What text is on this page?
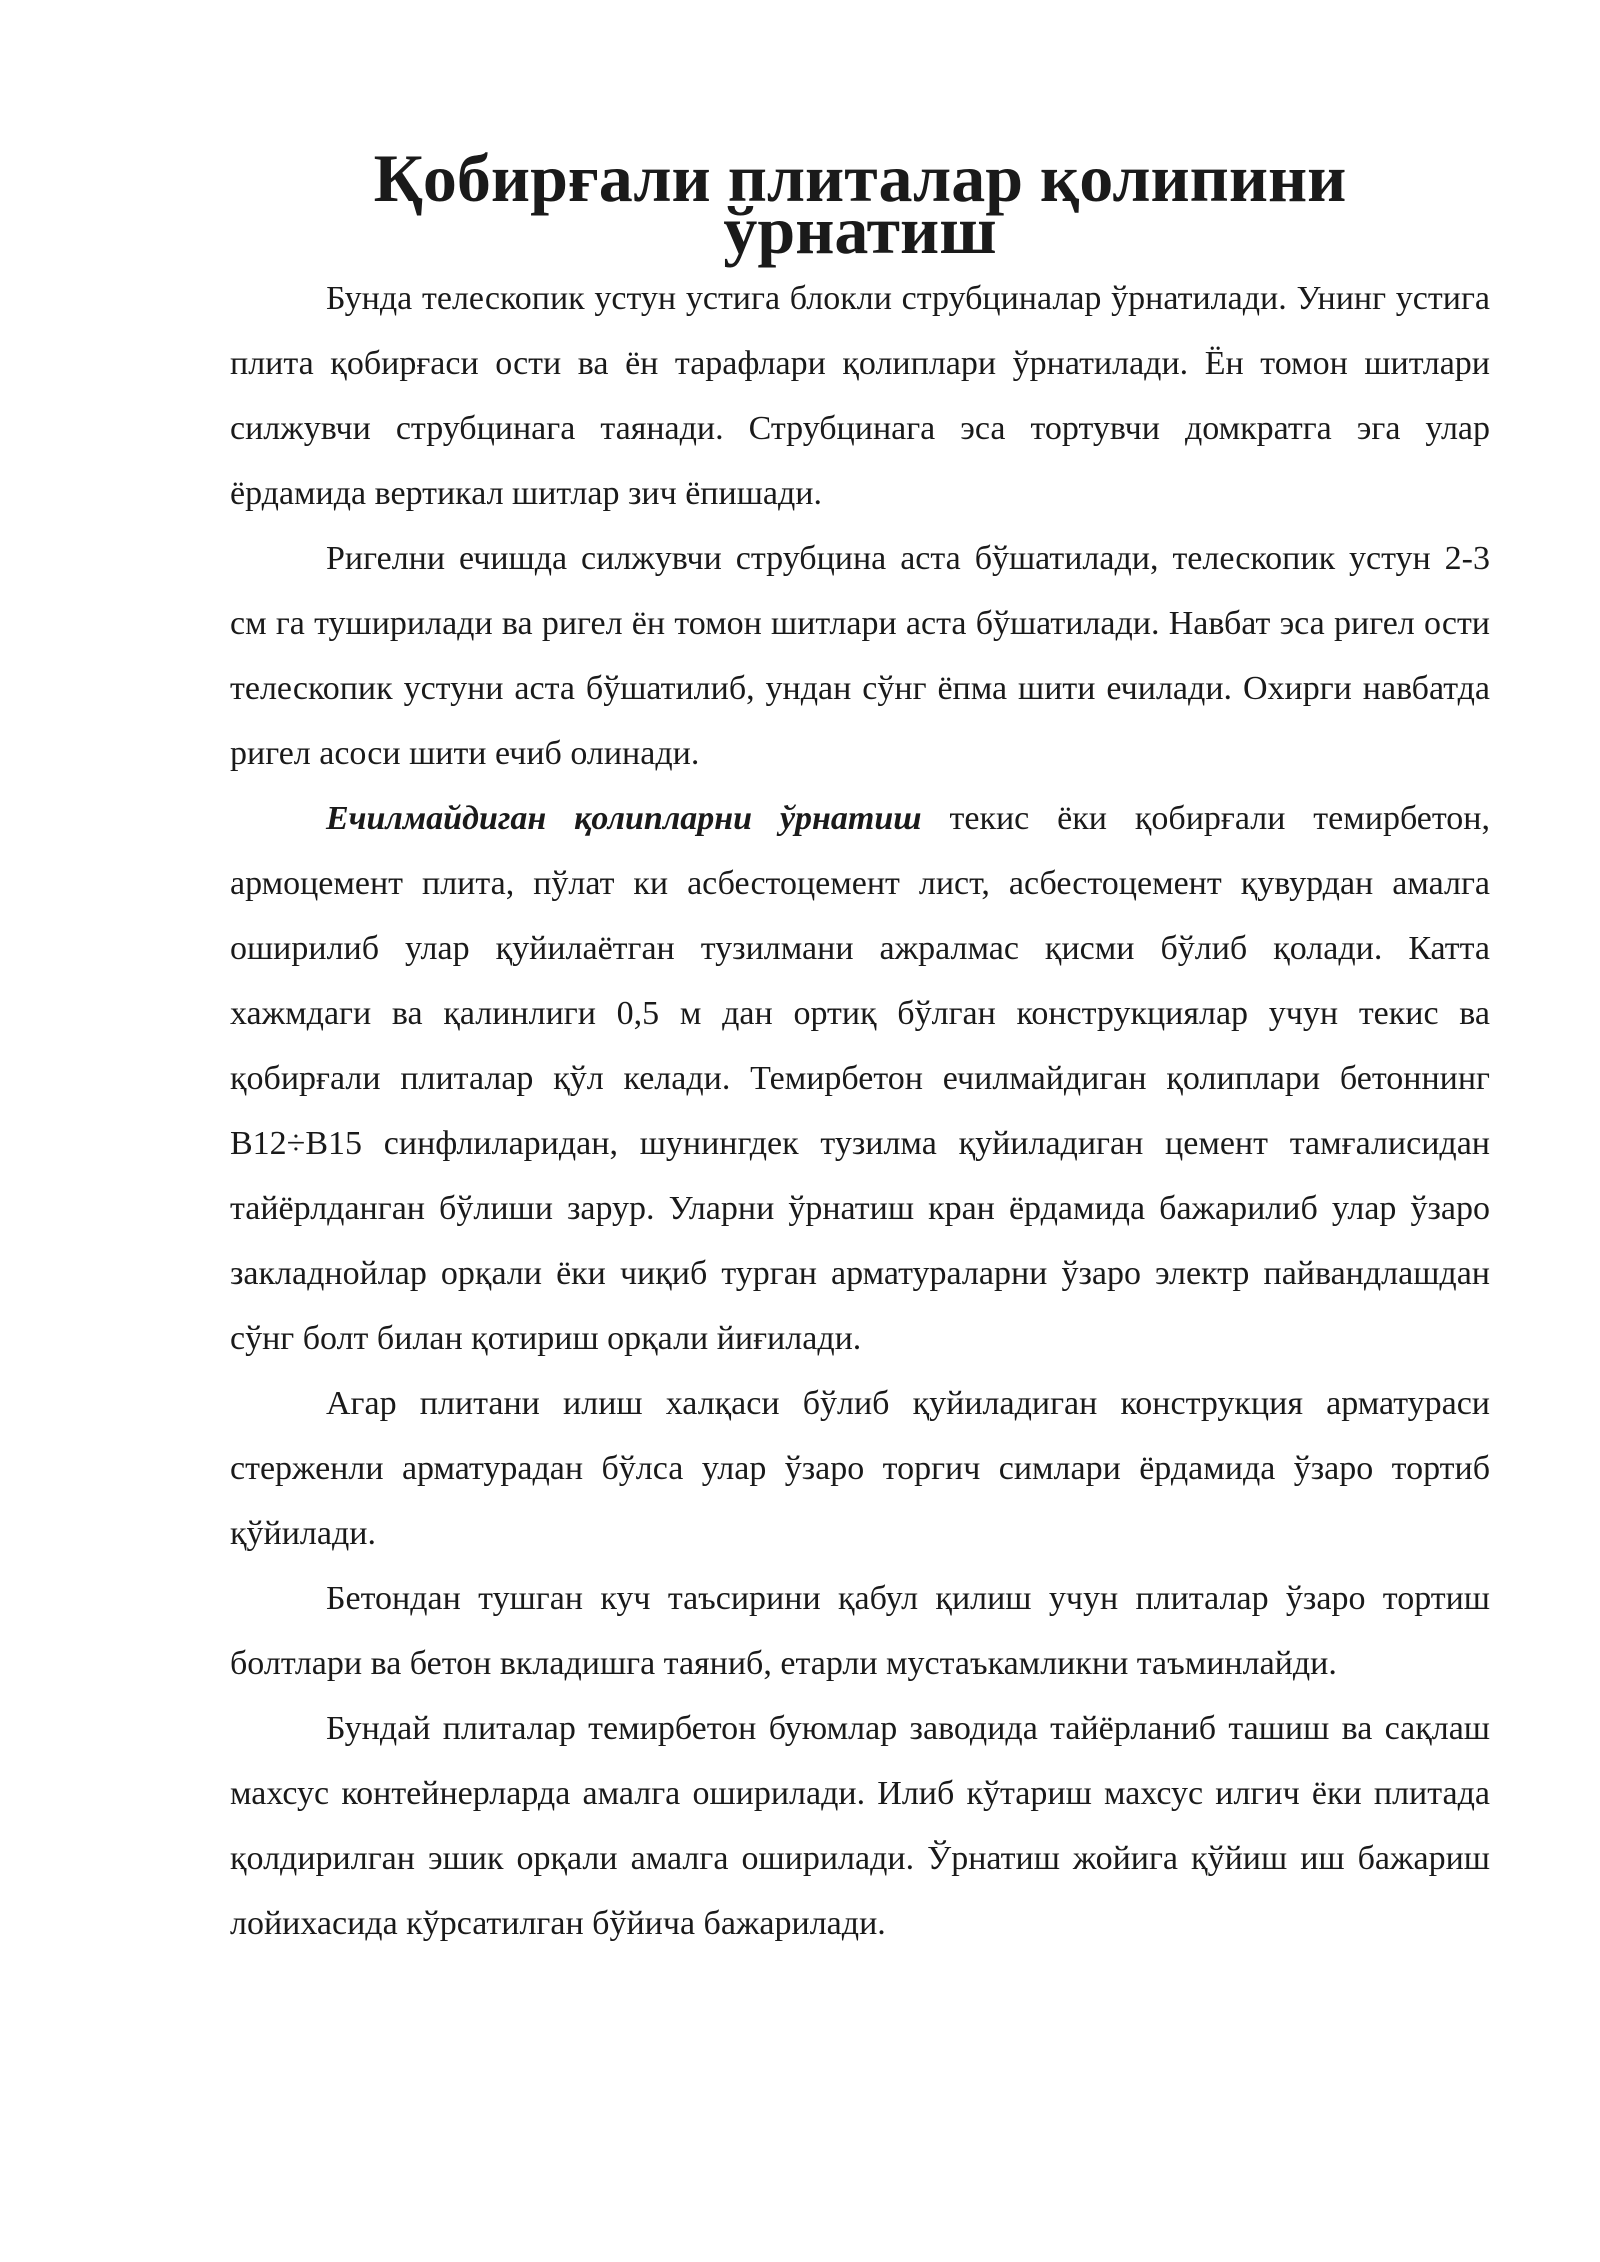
Қобирғали плиталар қолипини ўрнатиш

Бунда телескопик устун устига блокли струбциналар ўрнатилади. Унинг устига плита қобирғаси ости ва ён тарафлари қолиплари ўрнатилади. Ён томон шитлари силжувчи струбцинага таянади. Струбцинага эса тортувчи домкратга эга улар ёрдамида вертикал шитлар зич ёпишади.

Ригелни ечишда силжувчи струбцина аста бўшатилади, телескопик устун 2-3 см га туширилади ва ригел ён томон шитлари аста бўшатилади. Навбат эса ригел ости телескопик устуни аста бўшатилиб, ундан сўнг ёпма шити ечилади. Охирги навбатда ригел асоси шити ечиб олинади.

Ечилмайдиган қолипларни ўрнатиш текис ёки қобирғали темирбетон, армоцемент плита, пўлат ки асбестоцемент лист, асбестоцемент қувурдан амалга оширилиб улар қуйилаётган тузилмани ажралмас қисми бўлиб қолади. Катта хажмдаги ва қалинлиги 0,5 м дан ортиқ бўлган конструкциялар учун текис ва қобирғали плиталар қўл келади. Темирбетон ечилмайдиган қолиплари бетоннинг В12÷В15 синфлиларидан, шунингдек тузилма қуйиладиган цемент тамғалисидан тайёрлданган бўлиши зарур. Уларни ўрнатиш кран ёрдамида бажарилиб улар ўзаро закладнойлар орқали ёки чиқиб турган арматураларни ўзаро электр пайвандлашдан сўнг болт билан қотириш орқали йиғилади.

Агар плитани илиш халқаси бўлиб қуйиладиган конструкция арматураси стерженли арматурадан бўлса улар ўзаро торгич симлари ёрдамида ўзаро тортиб қўйилади.

Бетондан тушган куч таъсирини қабул қилиш учун плиталар ўзаро тортиш болтлари ва бетон вкладишга таяниб, етарли мустаъкамликни таъминлайди.

Бундай плиталар темирбетон буюмлар заводида тайёрланиб ташиш ва сақлаш махсус контейнерларда амалга оширилади. Илиб кўтариш махсус илгич ёки плитада қолдирилган эшик орқали амалга оширилади. Ўрнатиш жойига қўйиш иш бажариш лойихасида кўрсатилган бўйича бажарилади.
